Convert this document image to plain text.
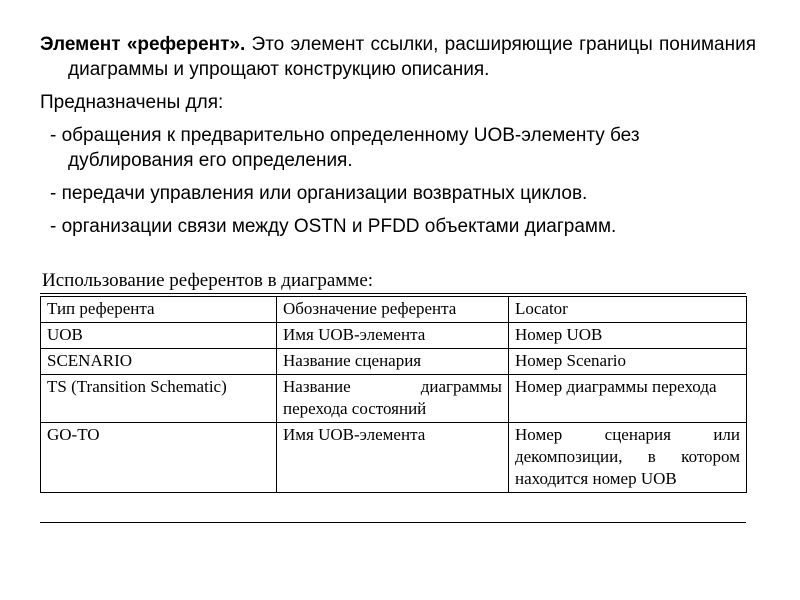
Элемент «референт». Это элемент ссылки, расширяющие границы понимания диаграммы и упрощают конструкцию описания.

Предназначены для:

- обращения к предварительно определенному UOB-элементу без дублирования его определения.

- передачи управления или организации возвратных циклов.

- организации связи между OSTN и PFDD объектами диаграмм.

Использование референтов в диаграмме:
Тип референта	Обозначение референта	Locator
UOB	Имя UOB-элемента	Номер UOB
SCENARIO	Название сценария	Номер Scenario
TS (Transition Schematic)	Название диаграммы перехода состояний	Номер диаграммы перехода
GO-TO	Имя UOB-элемента	Номер сценария или декомпозиции, в котором находится номер UOB
